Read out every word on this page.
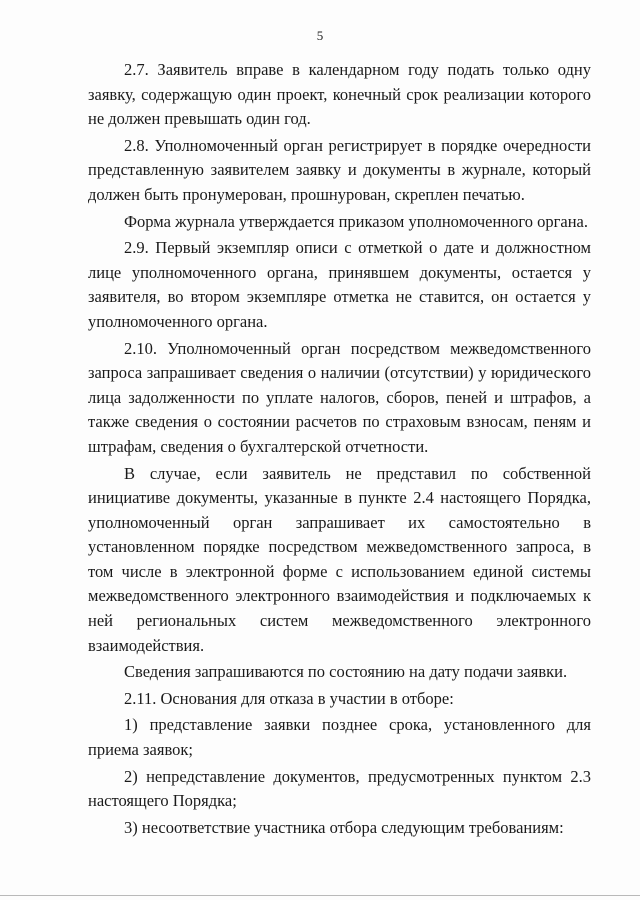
5

2.7. Заявитель вправе в календарном году подать только одну заявку, содержащую один проект, конечный срок реализации которого не должен превышать один год.

2.8. Уполномоченный орган регистрирует в порядке очередности представленную заявителем заявку и документы в журнале, который должен быть пронумерован, прошнурован, скреплен печатью.

Форма журнала утверждается приказом уполномоченного органа.

2.9. Первый экземпляр описи с отметкой о дате и должностном лице уполномоченного органа, принявшем документы, остается у заявителя, во втором экземпляре отметка не ставится, он остается у уполномоченного органа.

2.10. Уполномоченный орган посредством межведомственного запроса запрашивает сведения о наличии (отсутствии) у юридического лица задолженности по уплате налогов, сборов, пеней и штрафов, а также сведения о состоянии расчетов по страховым взносам, пеням и штрафам, сведения о бухгалтерской отчетности.

В случае, если заявитель не представил по собственной инициативе документы, указанные в пункте 2.4 настоящего Порядка, уполномоченный орган запрашивает их самостоятельно в установленном порядке посредством межведомственного запроса, в том числе в электронной форме с использованием единой системы межведомственного электронного взаимодействия и подключаемых к ней региональных систем межведомственного электронного взаимодействия.

Сведения запрашиваются по состоянию на дату подачи заявки.

2.11. Основания для отказа в участии в отборе:

1) представление заявки позднее срока, установленного для приема заявок;

2) непредставление документов, предусмотренных пунктом 2.3 настоящего Порядка;

3) несоответствие участника отбора следующим требованиям:
